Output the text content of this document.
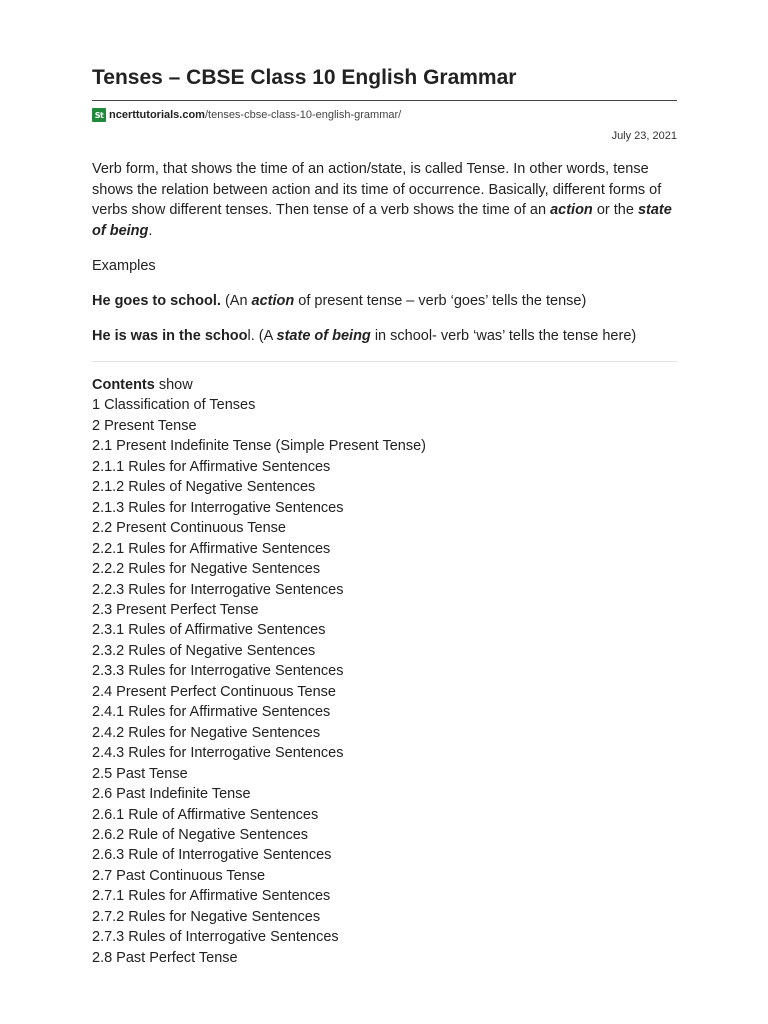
Tenses – CBSE Class 10 English Grammar
St ncerttutorials.com /tenses-cbse-class-10-english-grammar/
July 23, 2021

Verb form, that shows the time of an action/state, is called Tense. In other words, tense shows the relation between action and its time of occurrence. Basically, different forms of verbs show different tenses. Then tense of a verb shows the time of an action or the state of being.

Examples

He goes to school. (An action of present tense – verb ‘goes’ tells the tense)

He is was in the school. (A state of being in school- verb ‘was’ tells the tense here)

Contents show
1 Classification of Tenses
2 Present Tense
2.1 Present Indefinite Tense (Simple Present Tense)
2.1.1 Rules for Affirmative Sentences
2.1.2 Rules of Negative Sentences
2.1.3 Rules for Interrogative Sentences
2.2 Present Continuous Tense
2.2.1 Rules for Affirmative Sentences
2.2.2 Rules for Negative Sentences
2.2.3 Rules for Interrogative Sentences
2.3 Present Perfect Tense
2.3.1 Rules of Affirmative Sentences
2.3.2 Rules of Negative Sentences
2.3.3 Rules for Interrogative Sentences
2.4 Present Perfect Continuous Tense
2.4.1 Rules for Affirmative Sentences
2.4.2 Rules for Negative Sentences
2.4.3 Rules for Interrogative Sentences
2.5 Past Tense
2.6 Past Indefinite Tense
2.6.1 Rule of Affirmative Sentences
2.6.2 Rule of Negative Sentences
2.6.3 Rule of Interrogative Sentences
2.7 Past Continuous Tense
2.7.1 Rules for Affirmative Sentences
2.7.2 Rules for Negative Sentences
2.7.3 Rules of Interrogative Sentences
2.8 Past Perfect Tense
